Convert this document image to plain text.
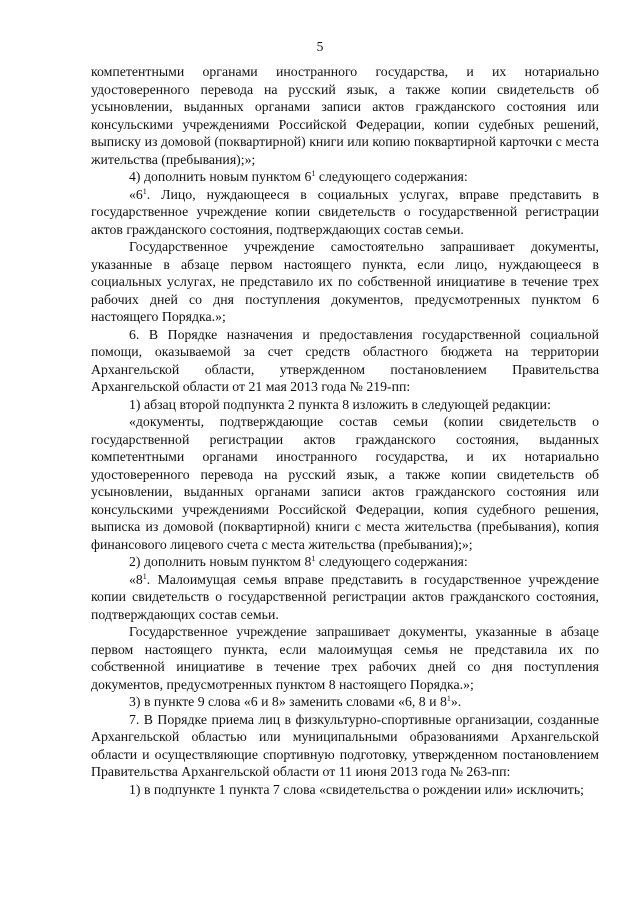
5

компетентными органами иностранного государства, и их нотариально удостоверенного перевода на русский язык, а также копии свидетельств об усыновлении, выданных органами записи актов гражданского состояния или консульскими учреждениями Российской Федерации, копии судебных решений, выписку из домовой (поквартирной) книги или копию поквартирной карточки с места жительства (пребывания);»;

4) дополнить новым пунктом $6^1$ следующего содержания:

«$6^1$. Лицо, нуждающееся в социальных услугах, вправе представить в государственное учреждение копии свидетельств о государственной регистрации актов гражданского состояния, подтверждающих состав семьи.

Государственное учреждение самостоятельно запрашивает документы, указанные в абзаце первом настоящего пункта, если лицо, нуждающееся в социальных услугах, не представило их по собственной инициативе в течение трех рабочих дней со дня поступления документов, предусмотренных пунктом 6 настоящего Порядка.»;

6. В Порядке назначения и предоставления государственной социальной помощи, оказываемой за счет средств областного бюджета на территории Архангельской области, утвержденном постановлением Правительства Архангельской области от 21 мая 2013 года № 219-пп:

1) абзац второй подпункта 2 пункта 8 изложить в следующей редакции:

«документы, подтверждающие состав семьи (копии свидетельств о государственной регистрации актов гражданского состояния, выданных компетентными органами иностранного государства, и их нотариально удостоверенного перевода на русский язык, а также копии свидетельств об усыновлении, выданных органами записи актов гражданского состояния или консульскими учреждениями Российской Федерации, копия судебного решения, выписка из домовой (поквартирной) книги с места жительства (пребывания), копия финансового лицевого счета с места жительства (пребывания);»;

2) дополнить новым пунктом $8^1$ следующего содержания:

«$8^1$. Малоимущая семья вправе представить в государственное учреждение копии свидетельств о государственной регистрации актов гражданского состояния, подтверждающих состав семьи.

Государственное учреждение запрашивает документы, указанные в абзаце первом настоящего пункта, если малоимущая семья не представила их по собственной инициативе в течение трех рабочих дней со дня поступления документов, предусмотренных пунктом 8 настоящего Порядка.»;

3) в пункте 9 слова «6 и 8» заменить словами «6, 8 и $8^1$».

7. В Порядке приема лиц в физкультурно-спортивные организации, созданные Архангельской областью или муниципальными образованиями Архангельской области и осуществляющие спортивную подготовку, утвержденном постановлением Правительства Архангельской области от 11 июня 2013 года № 263-пп:

1) в подпункте 1 пункта 7 слова «свидетельства о рождении или» исключить;
